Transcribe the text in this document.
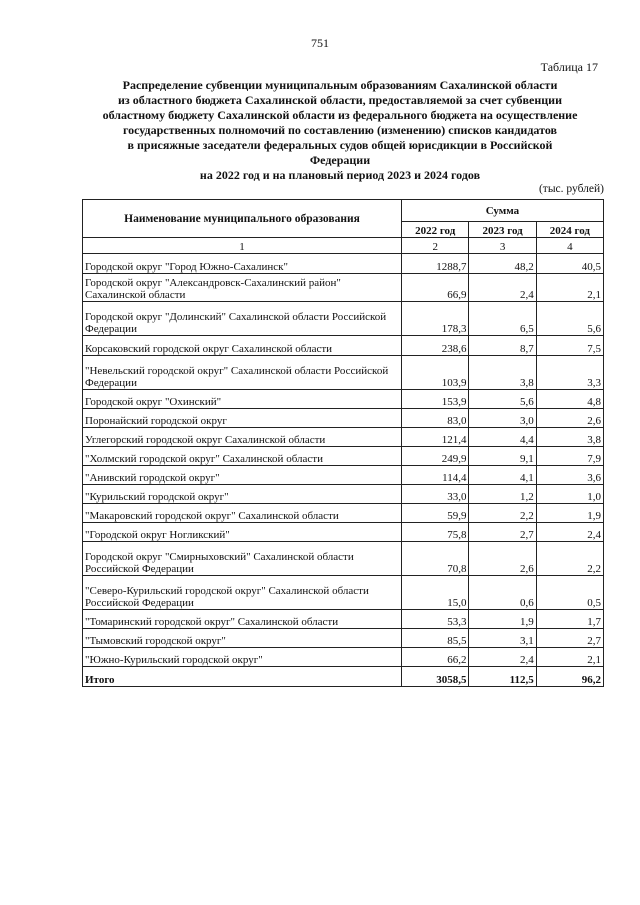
751
Таблица 17
Распределение субвенции муниципальным образованиям Сахалинской области
из областного бюджета Сахалинской области, предоставляемой за счет субвенции
областному бюджету Сахалинской области из федерального бюджета на осуществление
государственных полномочий по составлению (изменению) списков кандидатов
в присяжные заседатели федеральных судов общей юрисдикции в Российской
Федерации
на 2022 год и на плановый период 2023 и 2024 годов
(тыс. рублей)
Наименование муниципального образования	Сумма		
	2022 год	2023 год	2024 год
1	2	3	4
Городской округ "Город Южно-Сахалинск"	1288,7	48,2	40,5
Городской округ "Александровск-Сахалинский район" Сахалинской области	66,9	2,4	2,1
Городской округ "Долинский" Сахалинской области Российской Федерации	178,3	6,5	5,6
Корсаковский городской округ Сахалинской области	238,6	8,7	7,5
"Невельский городской округ" Сахалинской области Российской Федерации	103,9	3,8	3,3
Городской округ "Охинский"	153,9	5,6	4,8
Поронайский городской округ	83,0	3,0	2,6
Углегорский городской округ Сахалинской области	121,4	4,4	3,8
"Холмский городской округ" Сахалинской области	249,9	9,1	7,9
"Анивский городской округ"	114,4	4,1	3,6
"Курильский городской округ"	33,0	1,2	1,0
"Макаровский городской округ" Сахалинской области	59,9	2,2	1,9
"Городской округ Ногликский"	75,8	2,7	2,4
Городской округ "Смирныховский" Сахалинской области Российской Федерации	70,8	2,6	2,2
"Северо-Курильский городской округ" Сахалинской области Российской Федерации	15,0	0,6	0,5
"Томаринский городской округ" Сахалинской области	53,3	1,9	1,7
"Тымовский городской округ"	85,5	3,1	2,7
"Южно-Курильский городской округ"	66,2	2,4	2,1
Итого	3058,5	112,5	96,2
